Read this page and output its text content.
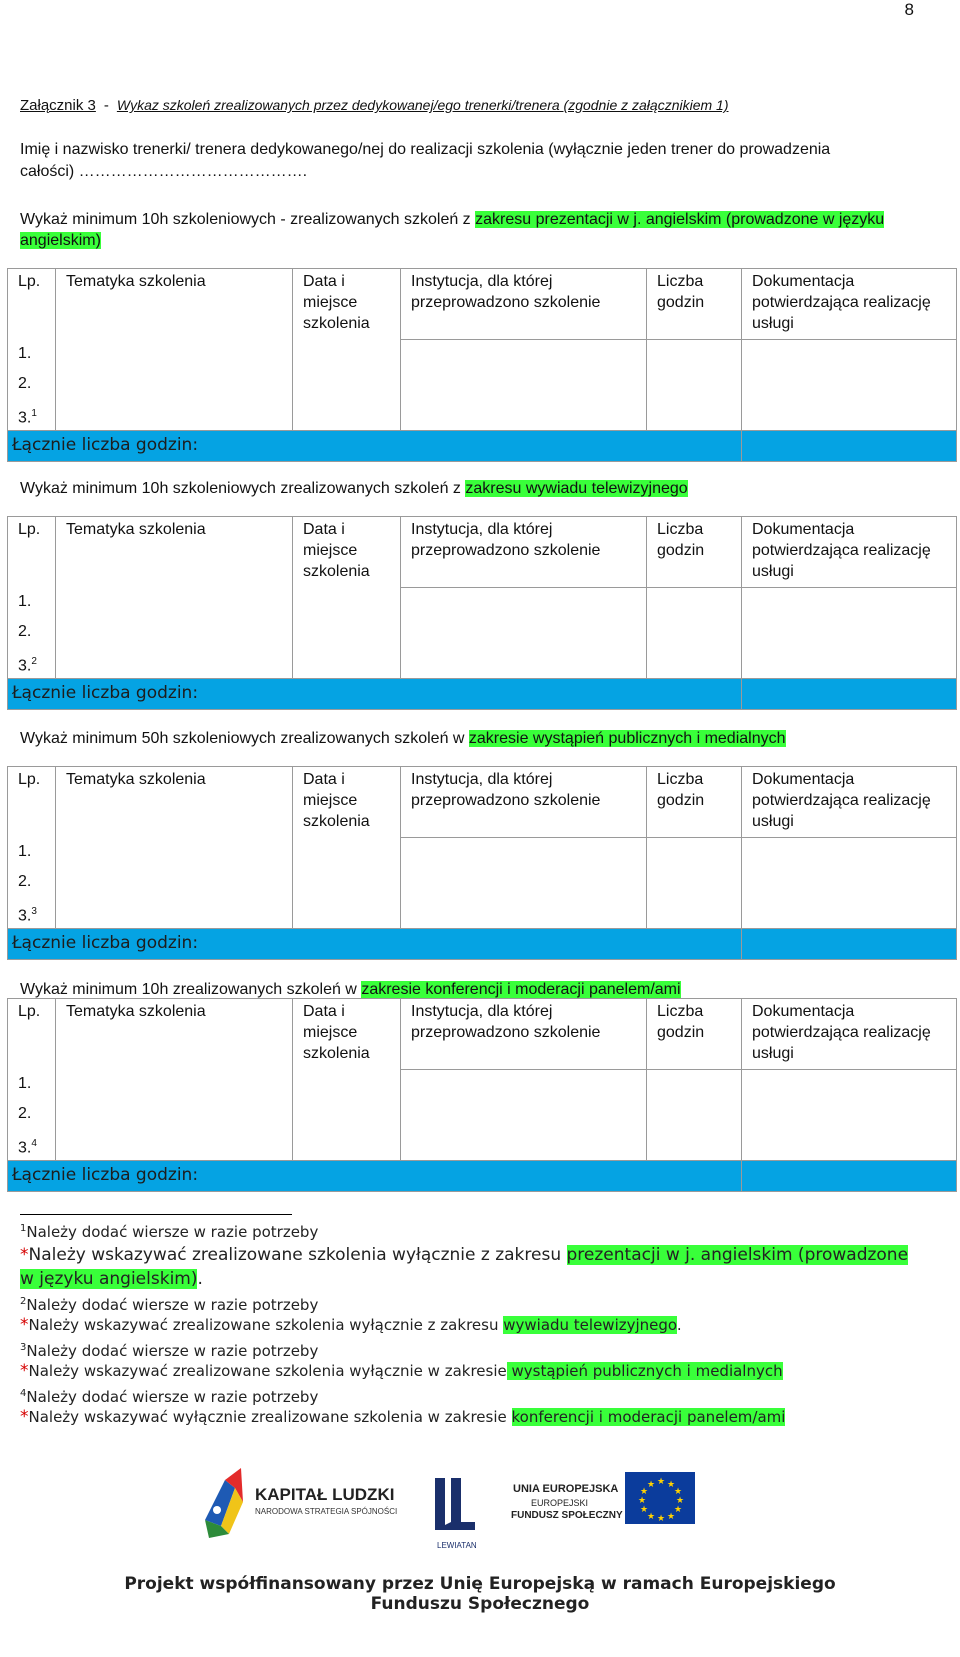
8
Załącznik 3 - Wykaz szkoleń zrealizowanych przez dedykowanej/ego trenerki/trenera (zgodnie z załącznikiem 1)
Imię i nazwisko trenerki/ trenera dedykowanego/nej do realizacji szkolenia (wyłącznie jeden trener do prowadzenia całości) …………………………………….
Wykaż minimum 10h szkoleniowych - zrealizowanych szkoleń z zakresu prezentacji w j. angielskim (prowadzone w języku angielskim)
Lp.	Tematyka szkolenia	Data i miejsce szkolenia	Instytucja, dla której przeprowadzono szkolenie	Liczba godzin	Dokumentacja potwierdzająca realizację usługi
1.					
2.					
3.$^1$					

Łącznie liczba godzin:					

Wykaż minimum 10h szkoleniowych zrealizowanych szkoleń z zakresu wywiadu telewizyjnego
Lp.	Tematyka szkolenia	Data i miejsce szkolenia	Instytucja, dla której przeprowadzono szkolenie	Liczba godzin	Dokumentacja potwierdzająca realizację usługi
1.					
2.					
3.$^2$					

Łącznie liczba godzin:					

Wykaż minimum 50h szkoleniowych zrealizowanych szkoleń w zakresie wystąpień publicznych i medialnych
Lp.	Tematyka szkolenia	Data i miejsce szkolenia	Instytucja, dla której przeprowadzono szkolenie	Liczba godzin	Dokumentacja potwierdzająca realizację usługi
1.					
2.					
3.$^3$					

Łącznie liczba godzin:					

Wykaż minimum 10h zrealizowanych szkoleń w zakresie konferencji i moderacji panelem/ami
Lp.	Tematyka szkolenia	Data i miejsce szkolenia	Instytucja, dla której przeprowadzono szkolenie	Liczba godzin	Dokumentacja potwierdzająca realizację usługi
1.					
2.					
3.$^4$					

Łącznie liczba godzin:					

$^1$Należy dodać wiersze w razie potrzeby
*Należy wskazywać zrealizowane szkolenia wyłącznie z zakresu prezentacji w j. angielskim (prowadzone w języku angielskim).
$^2$Należy dodać wiersze w razie potrzeby
*Należy wskazywać zrealizowane szkolenia wyłącznie z zakresu wywiadu telewizyjnego.
$^3$Należy dodać wiersze w razie potrzeby
*Należy wskazywać zrealizowane szkolenia wyłącznie w zakresie wystąpień publicznych i medialnych
$^4$Należy dodać wiersze w razie potrzeby
*Należy wskazywać wyłącznie zrealizowane szkolenia w zakresie konferencji i moderacji panelem/ami
KAPITAŁ LUDZKI
NARODOWA STRATEGIA SPÓJNOŚCI
LEWIATAN
UNIA EUROPEJSKA
EUROPEJSKI
FUNDUSZ SPOŁECZNY
★ ★
★
★
★
★
★
★
★
★
★
★
Projekt współfinansowany przez Unię Europejską w ramach Europejskiego Funduszu Społecznego
